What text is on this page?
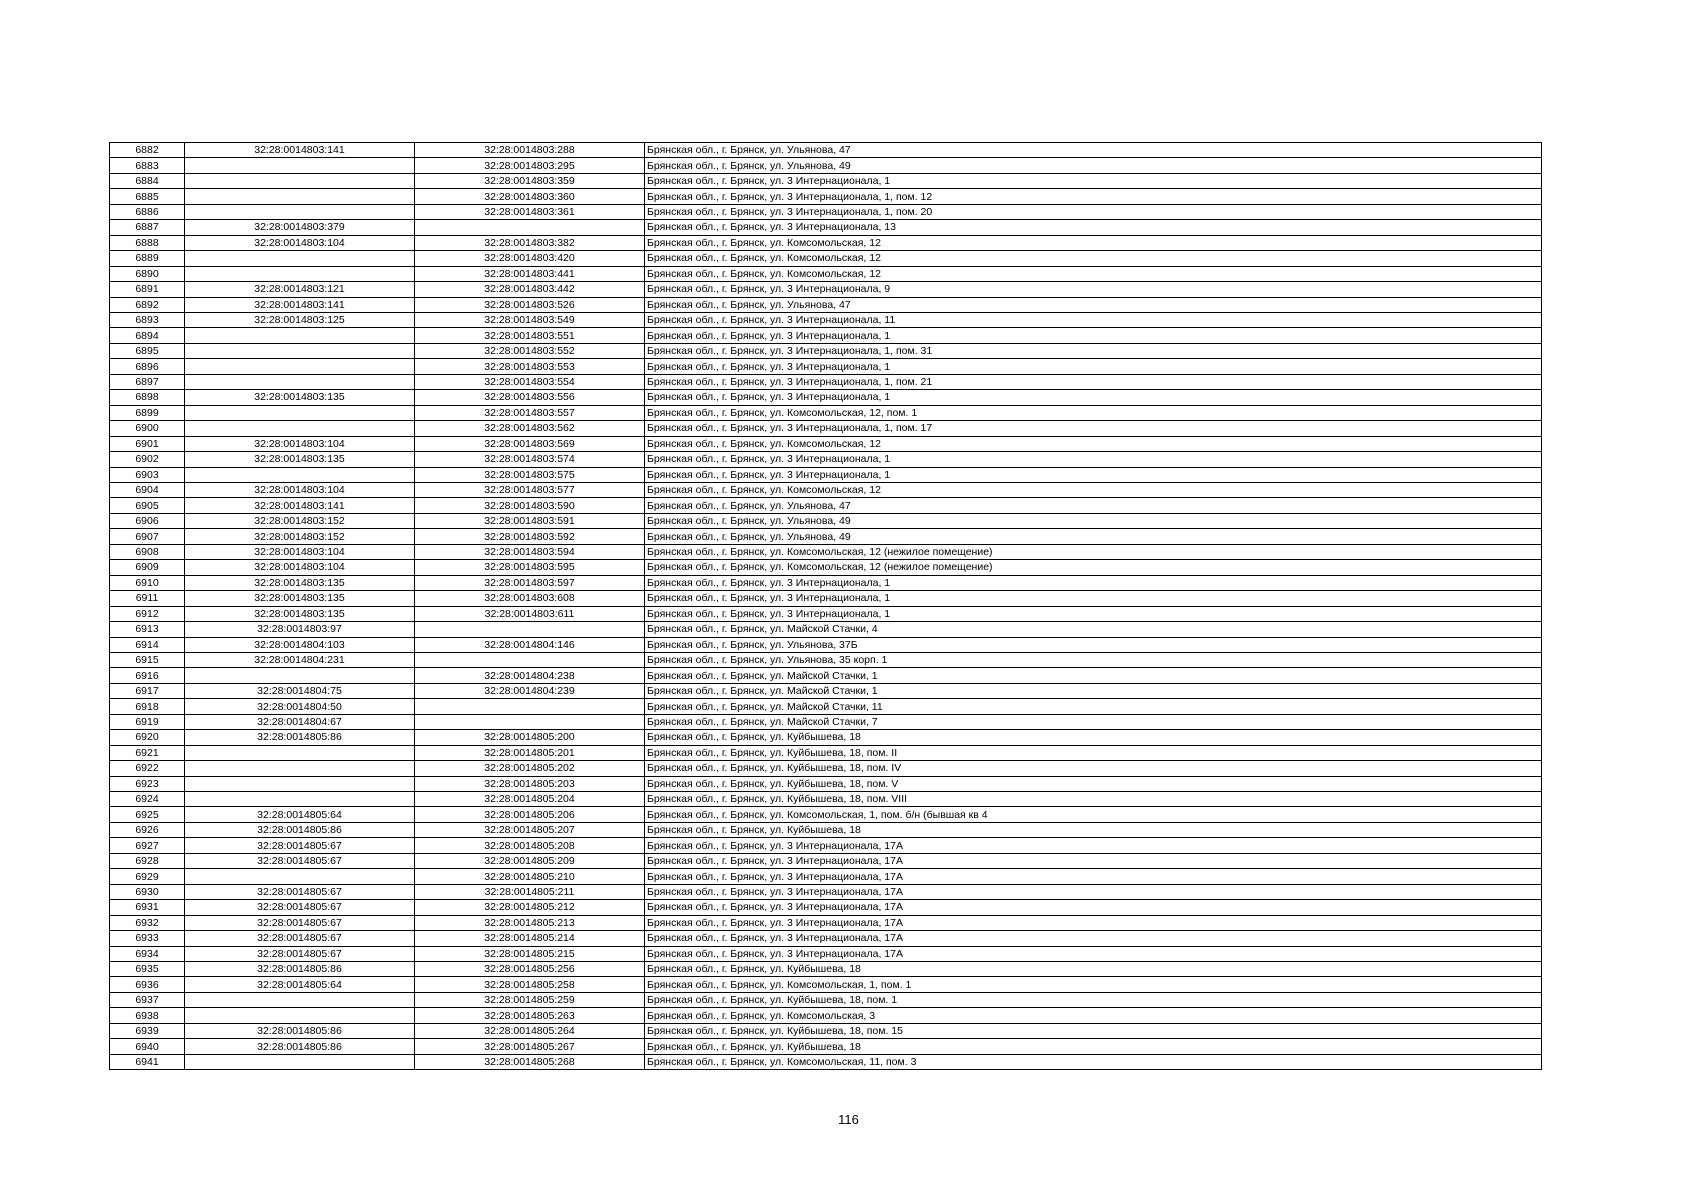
6882	32:28:0014803:141	32:28:0014803:288	Брянская обл., г. Брянск, ул. Ульянова, 47
6883		32:28:0014803:295	Брянская обл., г. Брянск, ул. Ульянова, 49
6884		32:28:0014803:359	Брянская обл., г. Брянск, ул. 3 Интернационала, 1
6885		32:28:0014803:360	Брянская обл., г. Брянск, ул. 3 Интернационала, 1, пом. 12
6886		32:28:0014803:361	Брянская обл., г. Брянск, ул. 3 Интернационала, 1, пом. 20
6887	32:28:0014803:379		Брянская обл., г. Брянск, ул. 3 Интернационала, 13
6888	32:28:0014803:104	32:28:0014803:382	Брянская обл., г. Брянск, ул. Комсомольская, 12
6889		32:28:0014803:420	Брянская обл., г. Брянск, ул. Комсомольская, 12
6890		32:28:0014803:441	Брянская обл., г. Брянск, ул. Комсомольская, 12
6891	32:28:0014803:121	32:28:0014803:442	Брянская обл., г. Брянск, ул. 3 Интернационала, 9
6892	32:28:0014803:141	32:28:0014803:526	Брянская обл., г. Брянск, ул. Ульянова, 47
6893	32:28:0014803:125	32:28:0014803:549	Брянская обл., г. Брянск, ул. 3 Интернационала, 11
6894		32:28:0014803:551	Брянская обл., г. Брянск, ул. 3 Интернационала, 1
6895		32:28:0014803:552	Брянская обл., г. Брянск, ул. 3 Интернационала, 1, пом. 31
6896		32:28:0014803:553	Брянская обл., г. Брянск, ул. 3 Интернационала, 1
6897		32:28:0014803:554	Брянская обл., г. Брянск, ул. 3 Интернационала, 1, пом. 21
6898	32:28:0014803:135	32:28:0014803:556	Брянская обл., г. Брянск, ул. 3 Интернационала, 1
6899		32:28:0014803:557	Брянская обл., г. Брянск, ул. Комсомольская, 12, пом. 1
6900		32:28:0014803:562	Брянская обл., г. Брянск, ул. 3 Интернационала, 1, пом. 17
6901	32:28:0014803:104	32:28:0014803:569	Брянская обл., г. Брянск, ул. Комсомольская, 12
6902	32:28:0014803:135	32:28:0014803:574	Брянская обл., г. Брянск, ул. 3 Интернационала, 1
6903		32:28:0014803:575	Брянская обл., г. Брянск, ул. 3 Интернационала, 1
6904	32:28:0014803:104	32:28:0014803:577	Брянская обл., г. Брянск, ул. Комсомольская, 12
6905	32:28:0014803:141	32:28:0014803:590	Брянская обл., г. Брянск, ул. Ульянова, 47
6906	32:28:0014803:152	32:28:0014803:591	Брянская обл., г. Брянск, ул. Ульянова, 49
6907	32:28:0014803:152	32:28:0014803:592	Брянская обл., г. Брянск, ул. Ульянова, 49
6908	32:28:0014803:104	32:28:0014803:594	Брянская обл., г. Брянск, ул. Комсомольская, 12 (нежилое помещение)
6909	32:28:0014803:104	32:28:0014803:595	Брянская обл., г. Брянск, ул. Комсомольская, 12 (нежилое помещение)
6910	32:28:0014803:135	32:28:0014803:597	Брянская обл., г. Брянск, ул. 3 Интернационала, 1
6911	32:28:0014803:135	32:28:0014803:608	Брянская обл., г. Брянск, ул. 3 Интернационала, 1
6912	32:28:0014803:135	32:28:0014803:611	Брянская обл., г. Брянск, ул. 3 Интернационала, 1
6913	32:28:0014803:97		Брянская обл., г. Брянск, ул. Майской Стачки, 4
6914	32:28:0014804:103	32:28:0014804:146	Брянская обл., г. Брянск, ул. Ульянова, 37Б
6915	32:28:0014804:231		Брянская обл., г. Брянск, ул. Ульянова, 35 корп. 1
6916		32:28:0014804:238	Брянская обл., г. Брянск, ул. Майской Стачки, 1
6917	32:28:0014804:75	32:28:0014804:239	Брянская обл., г. Брянск, ул. Майской Стачки, 1
6918	32:28:0014804:50		Брянская обл., г. Брянск, ул. Майской Стачки, 11
6919	32:28:0014804:67		Брянская обл., г. Брянск, ул. Майской Стачки, 7
6920	32:28:0014805:86	32:28:0014805:200	Брянская обл., г. Брянск, ул. Куйбышева, 18
6921		32:28:0014805:201	Брянская обл., г. Брянск, ул. Куйбышева, 18, пом. II
6922		32:28:0014805:202	Брянская обл., г. Брянск, ул. Куйбышева, 18, пом. IV
6923		32:28:0014805:203	Брянская обл., г. Брянск, ул. Куйбышева, 18, пом. V
6924		32:28:0014805:204	Брянская обл., г. Брянск, ул. Куйбышева, 18, пом. VIII
6925	32:28:0014805:64	32:28:0014805:206	Брянская обл., г. Брянск, ул. Комсомольская, 1, пом. б/н (бывшая кв 4
6926	32:28:0014805:86	32:28:0014805:207	Брянская обл., г. Брянск, ул. Куйбышева, 18
6927	32:28:0014805:67	32:28:0014805:208	Брянская обл., г. Брянск, ул. 3 Интернационала, 17А
6928	32:28:0014805:67	32:28:0014805:209	Брянская обл., г. Брянск, ул. 3 Интернационала, 17А
6929		32:28:0014805:210	Брянская обл., г. Брянск, ул. 3 Интернационала, 17А
6930	32:28:0014805:67	32:28:0014805:211	Брянская обл., г. Брянск, ул. 3 Интернационала, 17А
6931	32:28:0014805:67	32:28:0014805:212	Брянская обл., г. Брянск, ул. 3 Интернационала, 17А
6932	32:28:0014805:67	32:28:0014805:213	Брянская обл., г. Брянск, ул. 3 Интернационала, 17А
6933	32:28:0014805:67	32:28:0014805:214	Брянская обл., г. Брянск, ул. 3 Интернационала, 17А
6934	32:28:0014805:67	32:28:0014805:215	Брянская обл., г. Брянск, ул. 3 Интернационала, 17А
6935	32:28:0014805:86	32:28:0014805:256	Брянская обл., г. Брянск, ул. Куйбышева, 18
6936	32:28:0014805:64	32:28:0014805:258	Брянская обл., г. Брянск, ул. Комсомольская, 1, пом. 1
6937		32:28:0014805:259	Брянская обл., г. Брянск, ул. Куйбышева, 18, пом. 1
6938		32:28:0014805:263	Брянская обл., г. Брянск, ул. Комсомольская, 3
6939	32:28:0014805:86	32:28:0014805:264	Брянская обл., г. Брянск, ул. Куйбышева, 18, пом. 15
6940	32:28:0014805:86	32:28:0014805:267	Брянская обл., г. Брянск, ул. Куйбышева, 18
6941		32:28:0014805:268	Брянская обл., г. Брянск, ул. Комсомольская, 11, пом. 3
116
